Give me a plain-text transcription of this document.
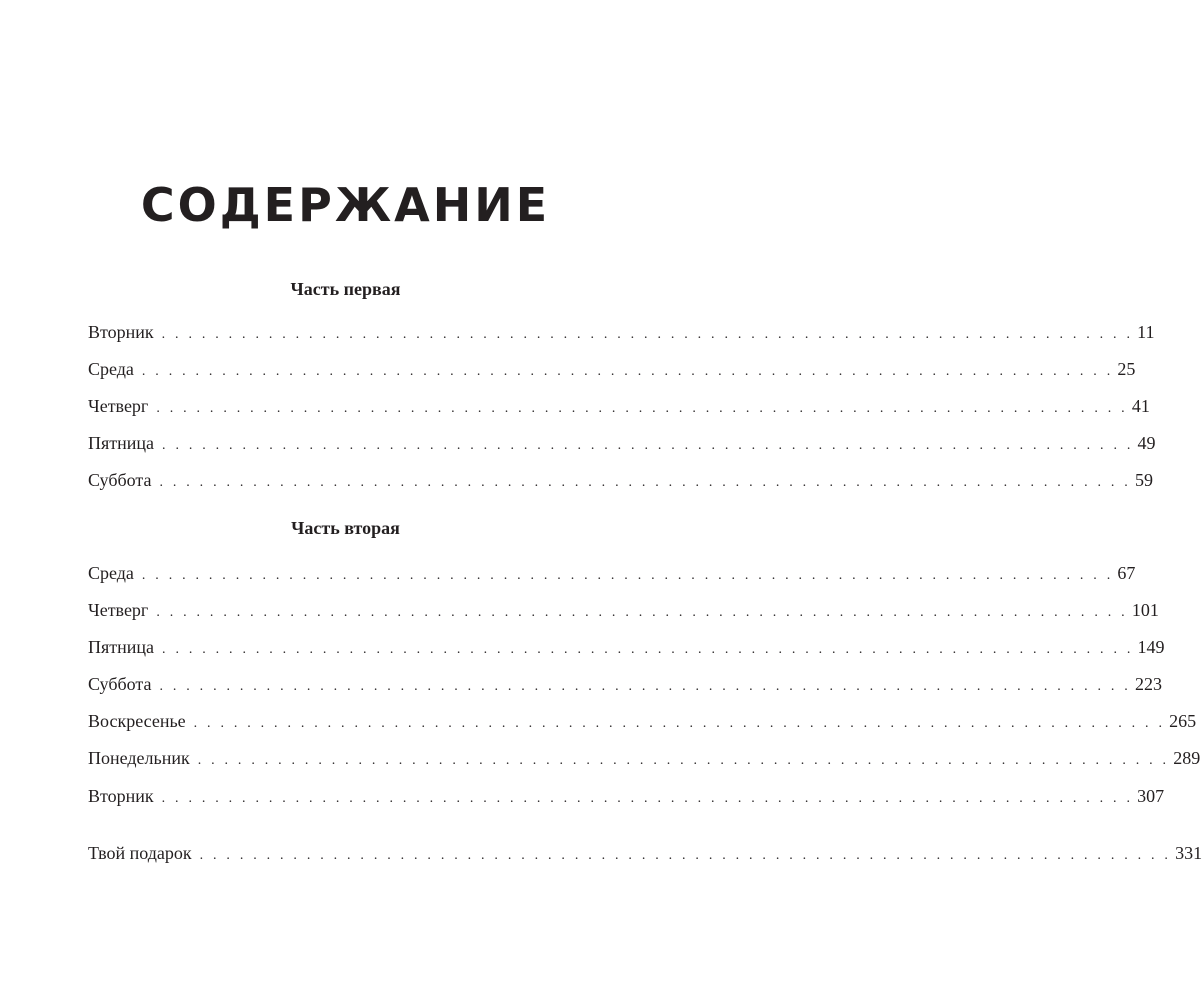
СОДЕРЖАНИЕ
Часть первая
Вторник . . . . . . . . . . . . . . . . . . . . . . . . . . . . . . . . . . . . . . . . . . . . . . . . . . . . . . . . . . . . . . . . . . . . . . . . . 11
Среда . . . . . . . . . . . . . . . . . . . . . . . . . . . . . . . . . . . . . . . . . . . . . . . . . . . . . . . . . . . . . . . . . . . . . . . . . 25
Четверг . . . . . . . . . . . . . . . . . . . . . . . . . . . . . . . . . . . . . . . . . . . . . . . . . . . . . . . . . . . . . . . . . . . . . . . . . 41
Пятница . . . . . . . . . . . . . . . . . . . . . . . . . . . . . . . . . . . . . . . . . . . . . . . . . . . . . . . . . . . . . . . . . . . . . . . . . 49
Суббота . . . . . . . . . . . . . . . . . . . . . . . . . . . . . . . . . . . . . . . . . . . . . . . . . . . . . . . . . . . . . . . . . . . . . . . . . 59
Часть вторая
Среда . . . . . . . . . . . . . . . . . . . . . . . . . . . . . . . . . . . . . . . . . . . . . . . . . . . . . . . . . . . . . . . . . . . . . . . . . 67
Четверг . . . . . . . . . . . . . . . . . . . . . . . . . . . . . . . . . . . . . . . . . . . . . . . . . . . . . . . . . . . . . . . . . . . . . . . . . 101
Пятница . . . . . . . . . . . . . . . . . . . . . . . . . . . . . . . . . . . . . . . . . . . . . . . . . . . . . . . . . . . . . . . . . . . . . . . . . 149
Суббота . . . . . . . . . . . . . . . . . . . . . . . . . . . . . . . . . . . . . . . . . . . . . . . . . . . . . . . . . . . . . . . . . . . . . . . . . 223
Воскресенье . . . . . . . . . . . . . . . . . . . . . . . . . . . . . . . . . . . . . . . . . . . . . . . . . . . . . . . . . . . . . . . . . . . . . . . . . 265
Понедельник . . . . . . . . . . . . . . . . . . . . . . . . . . . . . . . . . . . . . . . . . . . . . . . . . . . . . . . . . . . . . . . . . . . . . . . . . 289
Вторник . . . . . . . . . . . . . . . . . . . . . . . . . . . . . . . . . . . . . . . . . . . . . . . . . . . . . . . . . . . . . . . . . . . . . . . . . 307
Твой подарок . . . . . . . . . . . . . . . . . . . . . . . . . . . . . . . . . . . . . . . . . . . . . . . . . . . . . . . . . . . . . . . . . . . . . . . . . 331
